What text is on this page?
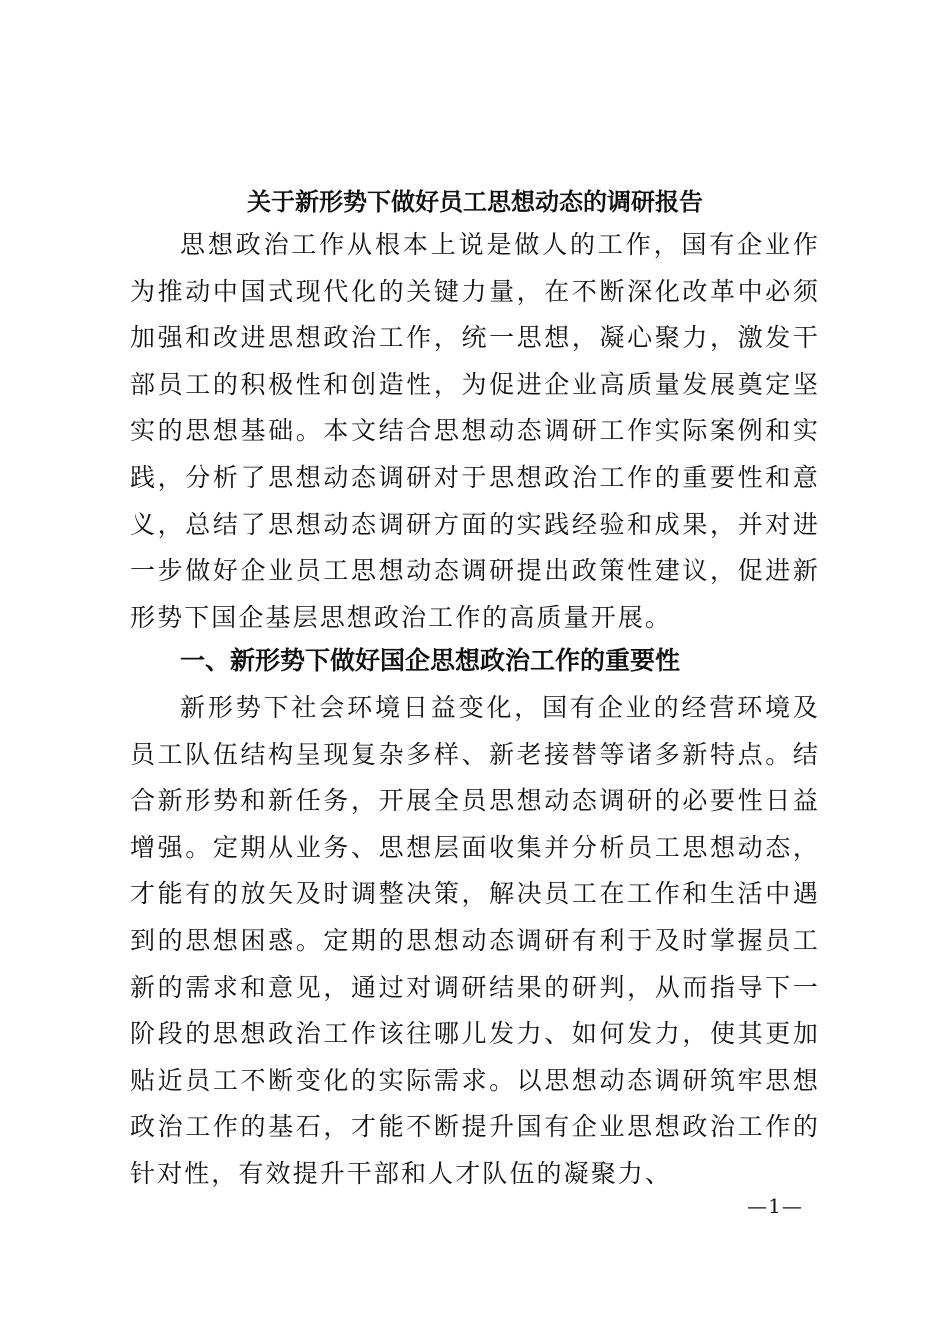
关于新形势下做好员工思想动态的调研报告

思想政治工作从根本上说是做人的工作，国有企业作为推动中国式现代化的关键力量，在不断深化改革中必须加强和改进思想政治工作，统一思想，凝心聚力，激发干部员工的积极性和创造性，为促进企业高质量发展奠定坚实的思想基础。本文结合思想动态调研工作实际案例和实践，分析了思想动态调研对于思想政治工作的重要性和意义，总结了思想动态调研方面的实践经验和成果，并对进一步做好企业员工思想动态调研提出政策性建议，促进新形势下国企基层思想政治工作的高质量开展。

一、新形势下做好国企思想政治工作的重要性

新形势下社会环境日益变化，国有企业的经营环境及员工队伍结构呈现复杂多样、新老接替等诸多新特点。结合新形势和新任务，开展全员思想动态调研的必要性日益增强。定期从业务、思想层面收集并分析员工思想动态，才能有的放矢及时调整决策，解决员工在工作和生活中遇到的思想困惑。定期的思想动态调研有利于及时掌握员工新的需求和意见，通过对调研结果的研判，从而指导下一阶段的思想政治工作该往哪儿发力、如何发力，使其更加贴近员工不断变化的实际需求。以思想动态调研筑牢思想政治工作的基石，才能不断提升国有企业思想政治工作的针对性，有效提升干部和人才队伍的凝聚力、

—1—
